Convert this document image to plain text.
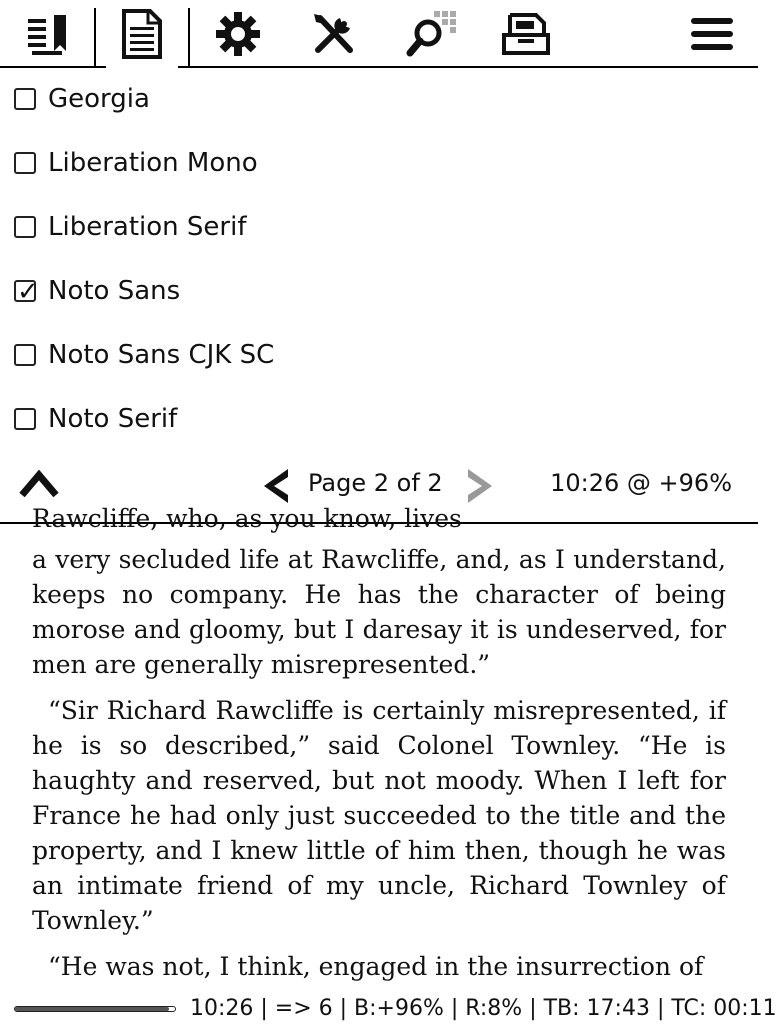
Georgia
Liberation Mono
Liberation Serif
✓
Noto Sans
Noto Sans CJK SC
Noto Serif
Page 2 of 2	10:26 @ +96%
Rawcliffe, who, as you know, lives

a very secluded life at Rawcliffe, and, as I understand, keeps no company. He has the character of being morose and gloomy, but I daresay it is undeserved, for men are generally misrepresented.”

“Sir Richard Rawcliffe is certainly misrepresented, if he is so described,” said Colonel Townley. “He is haughty and reserved, but not moody. When I left for France he had only just succeeded to the title and the property, and I knew little of him then, though he was an intimate friend of my uncle, Richard Townley of Townley.”

“He was not, I think, engaged in the insurrection of

10:26 | => 6 | B:+96% | R:8% | TB: 17:43 | TC: 00:11
